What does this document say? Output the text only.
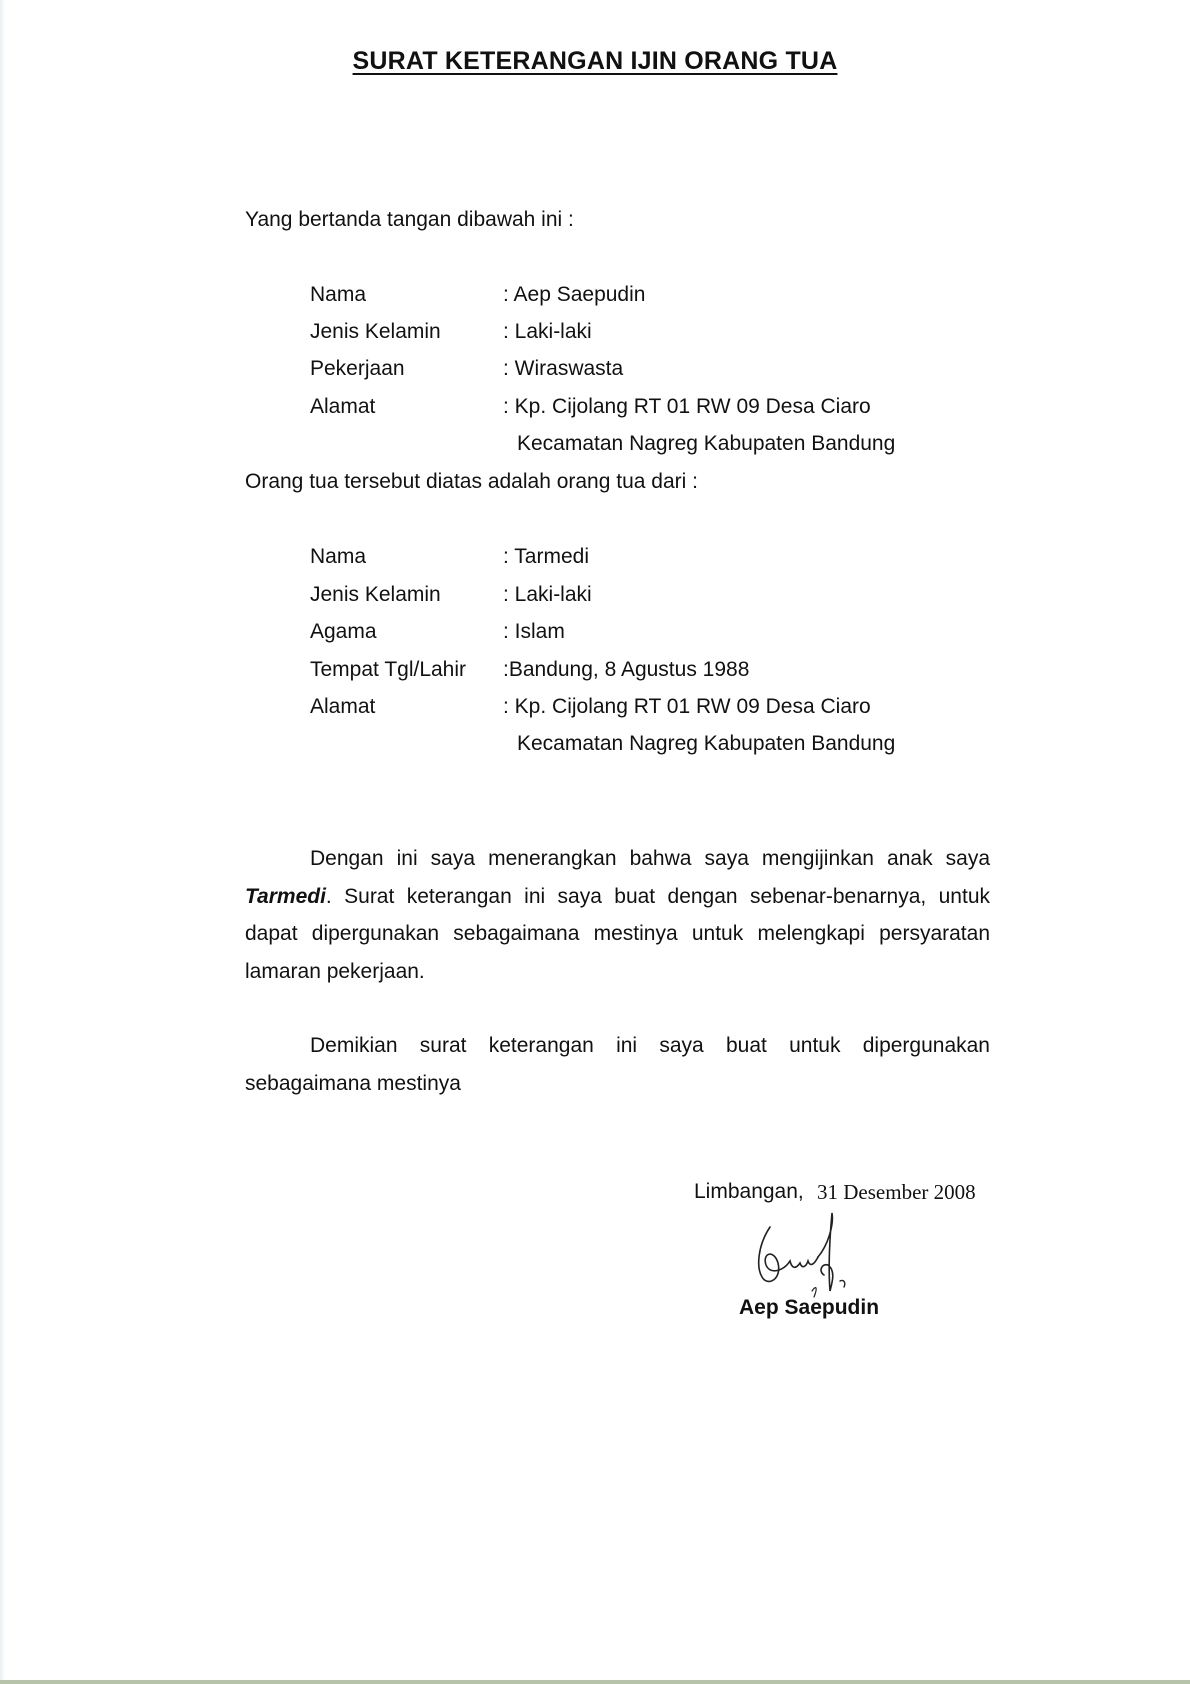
SURAT KETERANGAN IJIN ORANG TUA
Yang bertanda tangan dibawah ini :
Nama	: Aep Saepudin
Jenis Kelamin	: Laki-laki
Pekerjaan	: Wiraswasta
Alamat	: Kp. Cijolang RT 01 RW 09 Desa Ciaro
Kecamatan Nagreg Kabupaten Bandung
Orang tua tersebut diatas adalah orang tua dari :
Nama	: Tarmedi
Jenis Kelamin	: Laki-laki
Agama	: Islam
Tempat Tgl/Lahir :Bandung, 8 Agustus 1988
Alamat	: Kp. Cijolang RT 01 RW 09 Desa Ciaro
Kecamatan Nagreg Kabupaten Bandung
Dengan ini saya menerangkan bahwa saya mengijinkan anak saya Tarmedi. Surat keterangan ini saya buat dengan sebenar-benarnya, untuk dapat dipergunakan sebagaimana mestinya untuk melengkapi persyaratan
lamaran pekerjaan.
Demikian surat keterangan ini saya buat untuk dipergunakan
sebagaimana mestinya
Limbangan, 31 Desember 2008
Aep Saepudin
